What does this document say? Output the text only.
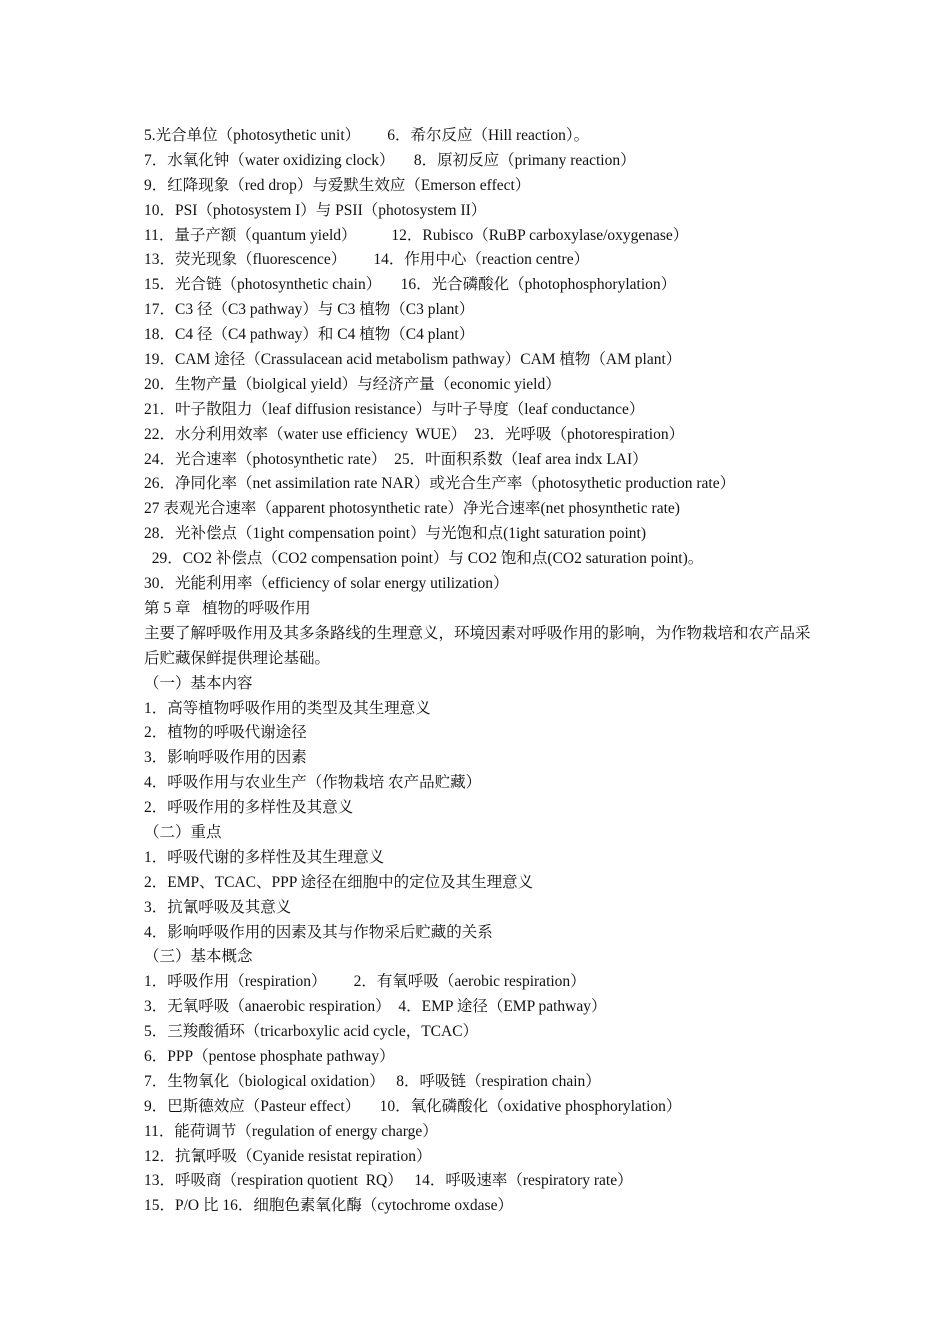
5.光合单位（photosythetic unit）       6．希尔反应（Hill reaction）。
7．水氧化钟（water oxidizing clock）     8．原初反应（primany reaction）
9．红降现象（red drop）与爱默生效应（Emerson effect）
10．PSI（photosystem I）与 PSII（photosystem II）
11．量子产额（quantum yield）         12．Rubisco（RuBP carboxylase/oxygenase）
13．荧光现象（fluorescence）       14．作用中心（reaction centre）
15．光合链（photosynthetic chain）     16．光合磷酸化（photophosphorylation）
17．C3 径（C3 pathway）与 C3 植物（C3 plant）
18．C4 径（C4 pathway）和 C4 植物（C4 plant）
19．CAM 途径（Crassulacean acid metabolism pathway）CAM 植物（AM plant）
20．生物产量（biolgical yield）与经济产量（economic yield）
21．叶子散阻力（leaf diffusion resistance）与叶子导度（leaf conductance）
22．水分利用效率（water use efficiency  WUE）  23．光呼吸（photorespiration）
24．光合速率（photosynthetic rate）  25．叶面积系数（leaf area indx LAI）
26．净同化率（net assimilation rate NAR）或光合生产率（photosythetic production rate）
27 表观光合速率（apparent photosynthetic rate）净光合速率(net phosynthetic rate)
28．光补偿点（1ight compensation point）与光饱和点(1ight saturation point)
29．CO2 补偿点（CO2 compensation point）与 CO2 饱和点(CO2 saturation point)。
30．光能利用率（efficiency of solar energy utilization）
第 5 章   植物的呼吸作用
主要了解呼吸作用及其多条路线的生理意义，环境因素对呼吸作用的影响，为作物栽培和农产品采后贮藏保鲜提供理论基础。
（一）基本内容
1．高等植物呼吸作用的类型及其生理意义
2．植物的呼吸代谢途径
3．影响呼吸作用的因素
4．呼吸作用与农业生产（作物栽培 农产品贮藏）
2．呼吸作用的多样性及其意义
（二）重点
1．呼吸代谢的多样性及其生理意义
2．EMP、TCAC、PPP 途径在细胞中的定位及其生理意义
3．抗氰呼吸及其意义
4．影响呼吸作用的因素及其与作物采后贮藏的关系
（三）基本概念
1．呼吸作用（respiration）       2．有氧呼吸（aerobic respiration）
3．无氧呼吸（anaerobic respiration）  4．EMP 途径（EMP pathway）
5．三羧酸循环（tricarboxylic acid cycle，TCAC）
6．PPP（pentose phosphate pathway）
7．生物氧化（biological oxidation）   8．呼吸链（respiration chain）
9．巴斯德效应（Pasteur effect）     10．氧化磷酸化（oxidative phosphorylation）
11．能荷调节（regulation of energy charge）
12．抗氰呼吸（Cyanide resistat repiration）
13．呼吸商（respiration quotient  RQ）   14．呼吸速率（respiratory rate）
15．P/O 比 16．细胞色素氧化酶（cytochrome oxdase）
